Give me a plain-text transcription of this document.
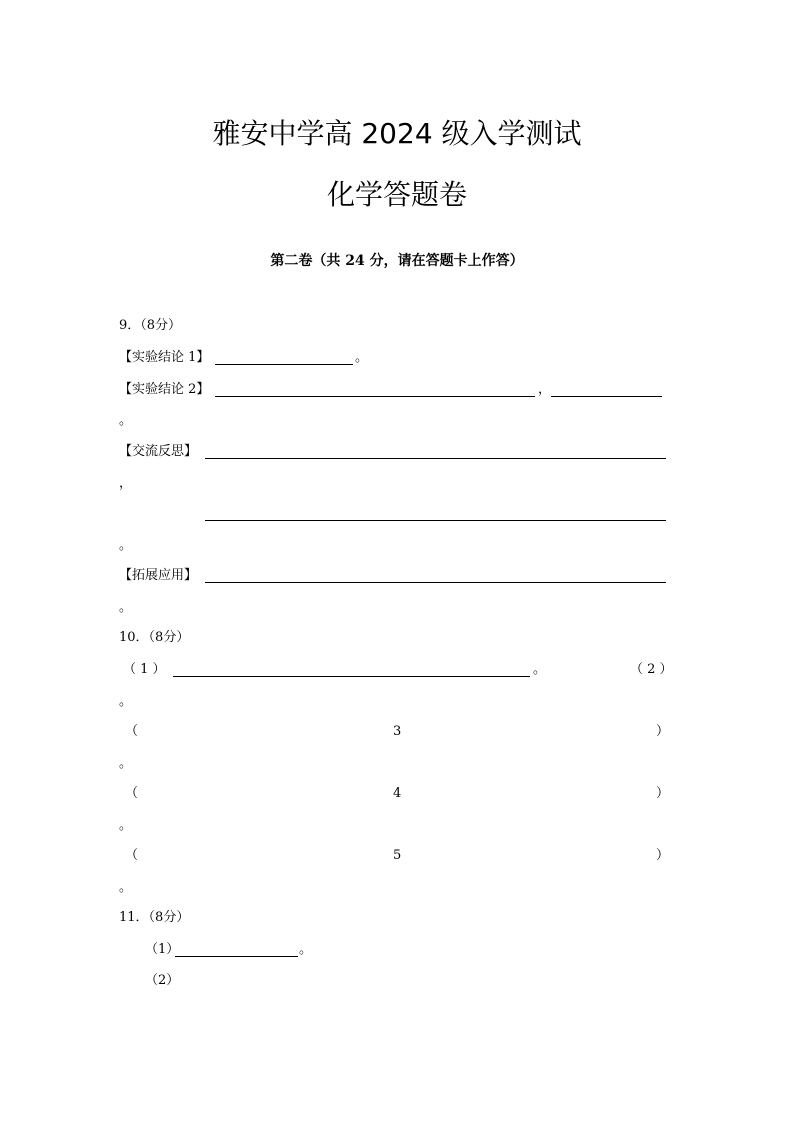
雅安中学高 2024 级入学测试
化学答题卷
第二卷（共 24 分，请在答题卡上作答）
9．（8分）
【实验结论 1】	。
【实验结论 2】	，
。
【交流反思】
，
。
【拓展应用】
。
10．（8分）
（ 1 ）	。	（ 2 ）
。
（	3	）
。
（	4	）
。
（	5	）
。
11．（8分）
（1）	。
（2）
